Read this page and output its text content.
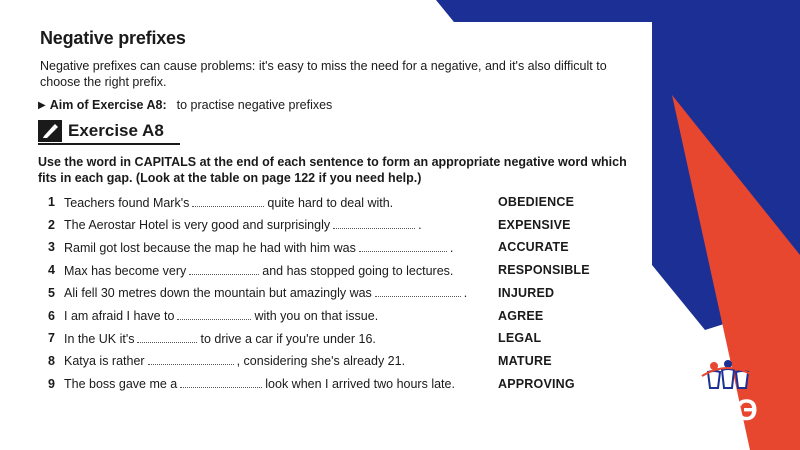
Negative prefixes

Negative prefixes can cause problems: it's easy to miss the need for a negative, and it's also difficult to choose the right prefix.

▶ Aim of Exercise A8: to practise negative prefixes
Exercise A8

Use the word in CAPITALS at the end of each sentence to form an appropriate negative word which fits in each gap. (Look at the table on page 122 if you need help.)

1 Teachers found Mark's	quite hard to deal with.	OBEDIENCE
2 The Aerostar Hotel is very good and surprisingly	.	EXPENSIVE
3 Ramil got lost because the map he had with him was	.	ACCURATE
4 Max has become very	and has stopped going to lectures.	RESPONSIBLE
5 Ali fell 30 metres down the mountain but amazingly was	. INJURED
6 I am afraid I have to	with you on that issue.	AGREE
7 In the UK it's	to drive a car if you're under 16.	LEGAL
8 Katya is rather	, considering she's already 21.	MATURE
9 The boss gave me a	look when I arrived two hours late.	APPROVING
ЕГЭ
